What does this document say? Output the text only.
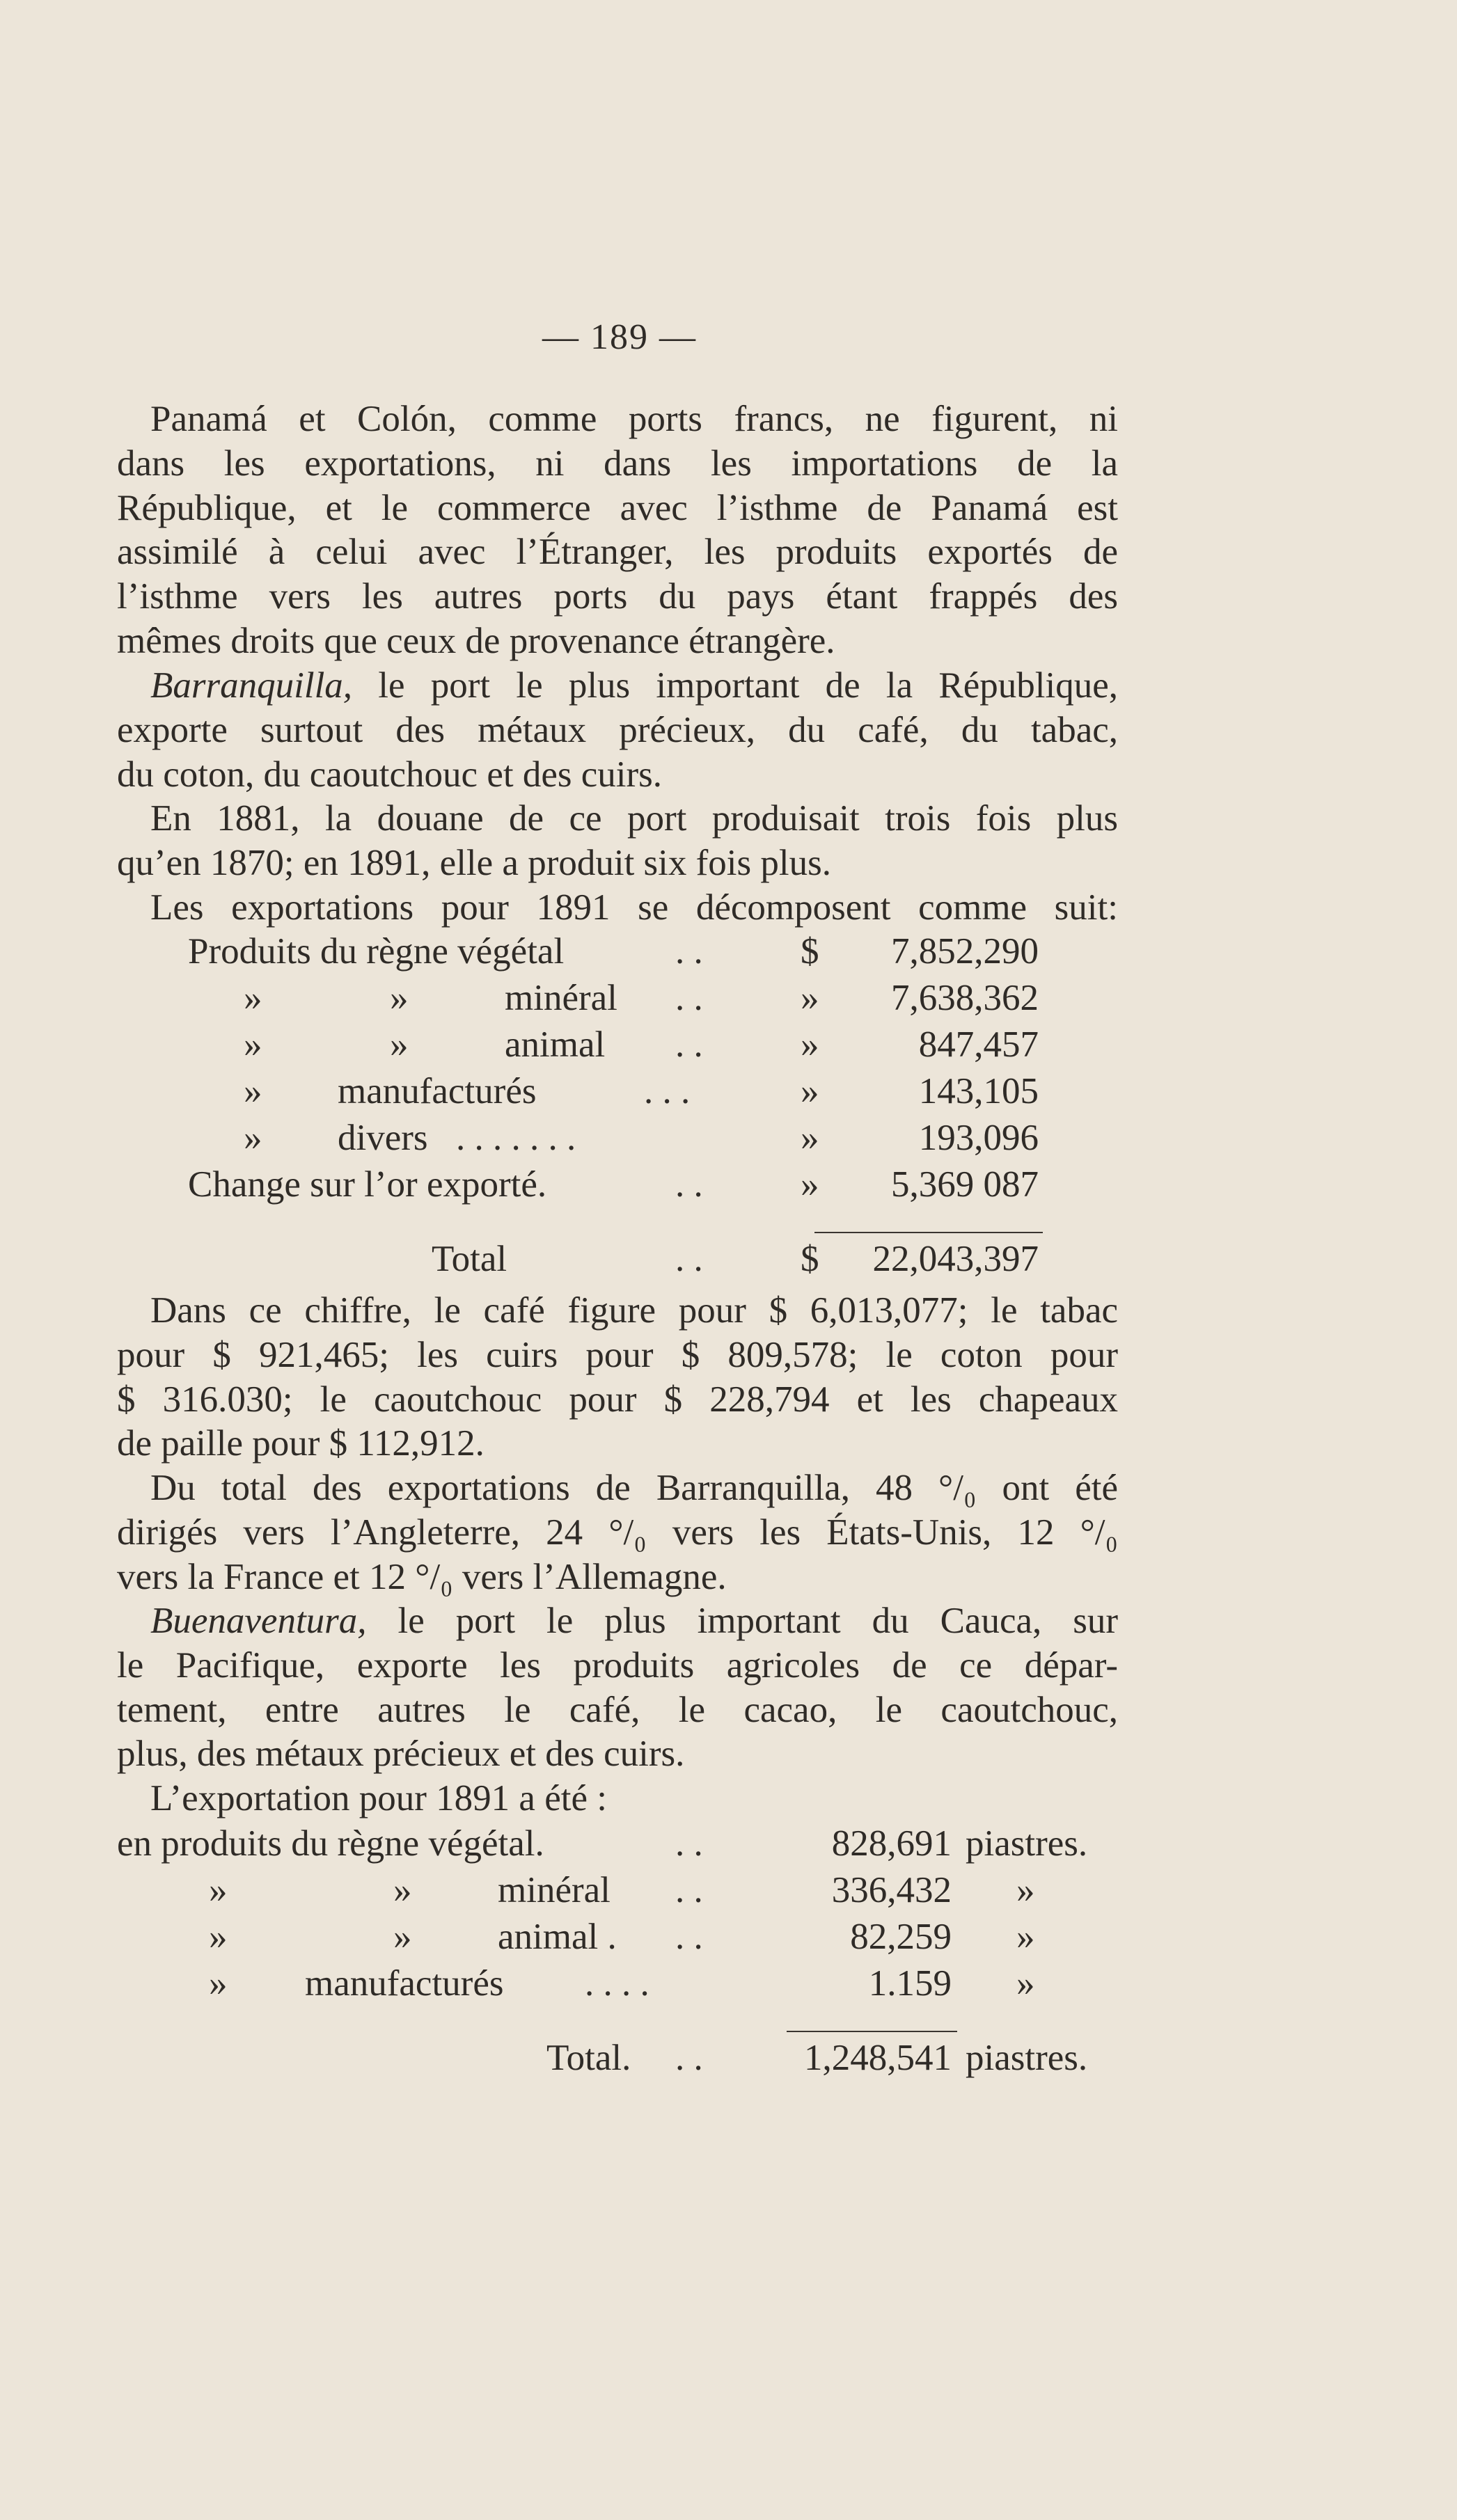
— 189 —

Panamá et Colón, comme ports francs, ne figurent, ni

dans les exportations, ni dans les importations de la

République, et le commerce avec l’isthme de Panamá est

assimilé à celui avec l’Étranger, les produits exportés de

l’isthme vers les autres ports du pays étant frappés des

mêmes droits que ceux de provenance étrangère.

Barranquilla, le port le plus important de la République,

exporte surtout des métaux précieux, du café, du tabac,

du coton, du caoutchouc et des cuirs.

En 1881, la douane de ce port produisait trois fois plus

qu’en 1870; en 1891, elle a produit six fois plus.

Les exportations pour 1891 se décomposent comme suit:

Produits du règne végétal	. .	$	7,852,290
»	»	minéral . .	»	7,638,362
»	»	animal . .	»	847,457
» manufacturés	. . .	»	143,105
» divers . . . . . . .	»	193,096
Change sur l’or exporté.	. .	»	5,369 087
Total	. .	$	22,043,397

Dans ce chiffre, le café figure pour $ 6,013,077; le tabac

pour $ 921,465; les cuirs pour $ 809,578; le coton pour

$ 316.030; le caoutchouc pour $ 228,794 et les chapeaux

de paille pour $ 112,912.

Du total des exportations de Barranquilla, 48 °/₀ ont été

dirigés vers l’Angleterre, 24 °/₀ vers les États-Unis, 12 °/₀

vers la France et 12 °/₀ vers l’Allemagne.

Buenaventura, le port le plus important du Cauca, sur

le Pacifique, exporte les produits agricoles de ce dépar-

tement, entre autres le café, le cacao, le caoutchouc,

plus, des métaux précieux et des cuirs.

L’exportation pour 1891 a été :

en produits du règne végétal.	. .	828,691 piastres.
»	» minéral . .	336,432 »
»	» animal . . .	82,259 »
» manufacturés . . . .	1.159 »
Total. . .	1,248,541 piastres.
